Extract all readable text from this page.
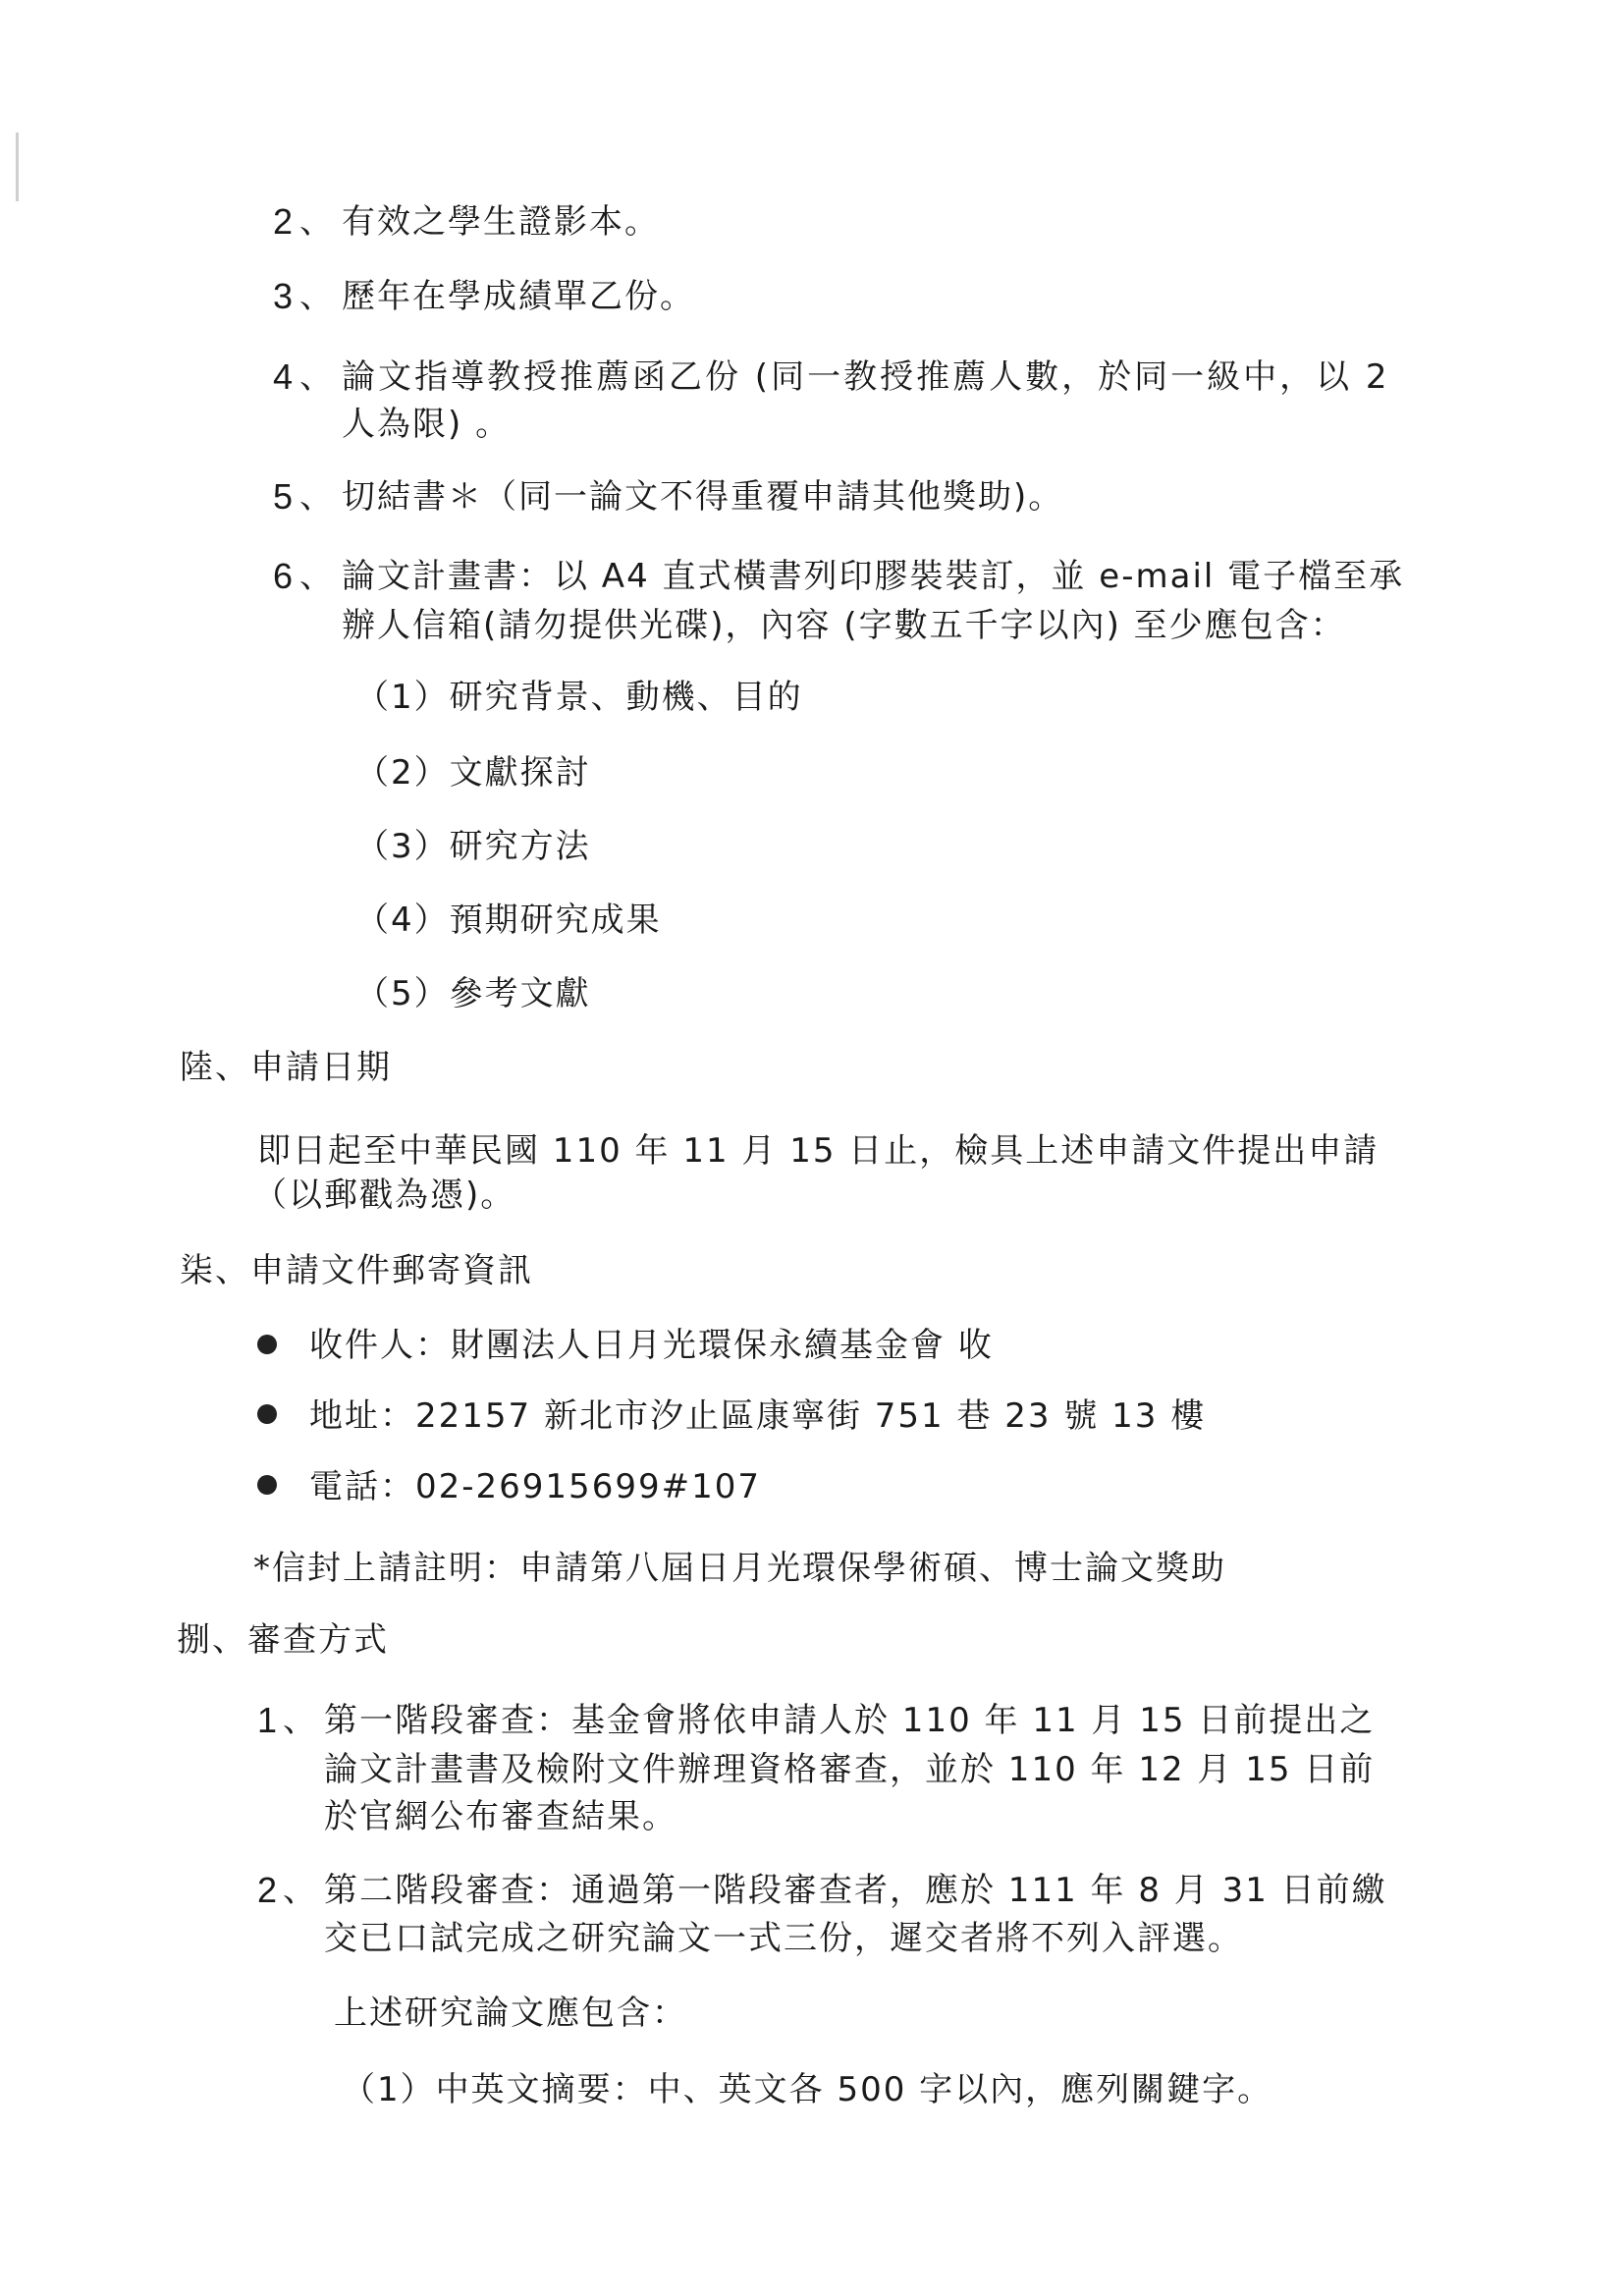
2 、 有效之學生證影本。
3 、 歷年在學成績單乙份。
4 、 論文指導教授推薦函乙份 (同一教授推薦人數，於同一級中，以 2
人為限) 。
5 、 切結書＊（同一論文不得重覆申請其他獎助)。
6 、 論文計畫書：以 A4 直式橫書列印膠裝裝訂，並 e-mail 電子檔至承
辦人信箱(請勿提供光碟)，內容 (字數五千字以內) 至少應包含：
（1）研究背景、動機、目的
（2）文獻探討
（3）研究方法
（4）預期研究成果
（5）參考文獻
陸、申請日期
即日起至中華民國 110 年 11 月 15 日止，檢具上述申請文件提出申請
（以郵戳為憑)。
柒、申請文件郵寄資訊
收件人：財團法人日月光環保永續基金會 收
地址：22157 新北市汐止區康寧街 751 巷 23 號 13 樓
電話：02-26915699#107
*信封上請註明：申請第八屆日月光環保學術碩、博士論文獎助
捌、審查方式
1 、 第一階段審查：基金會將依申請人於 110 年 11 月 15 日前提出之
論文計畫書及檢附文件辦理資格審查，並於 110 年 12 月 15 日前
於官網公布審查結果。
2 、 第二階段審查：通過第一階段審查者，應於 111 年 8 月 31 日前繳
交已口試完成之研究論文一式三份，遲交者將不列入評選。
上述研究論文應包含：
（1）中英文摘要：中、英文各 500 字以內，應列關鍵字。
